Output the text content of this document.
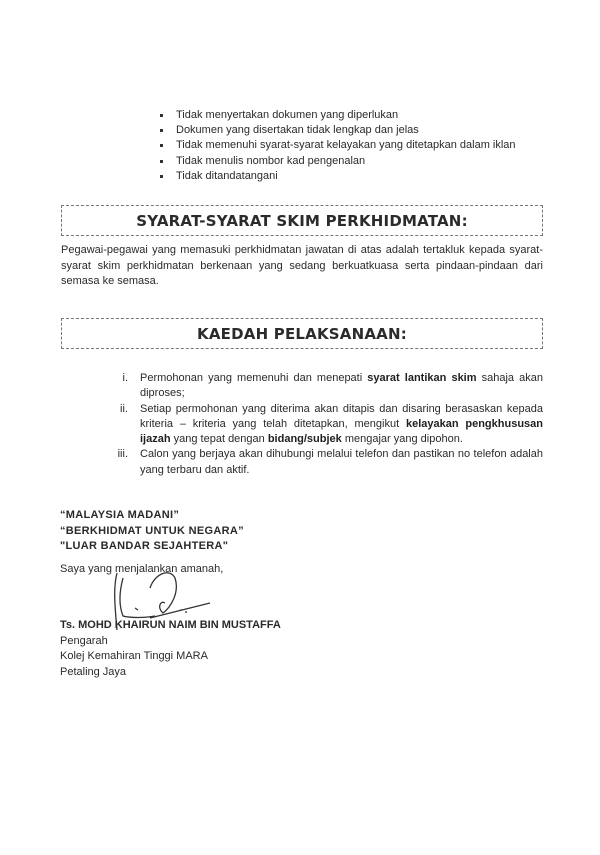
Tidak menyertakan dokumen yang diperlukan
Dokumen yang disertakan tidak lengkap dan jelas
Tidak memenuhi syarat-syarat kelayakan yang ditetapkan dalam iklan
Tidak menulis nombor kad pengenalan
Tidak ditandatangani
SYARAT-SYARAT SKIM PERKHIDMATAN:
Pegawai-pegawai yang memasuki perkhidmatan jawatan di atas adalah tertakluk kepada syarat-syarat skim perkhidmatan berkenaan yang sedang berkuatkuasa serta pindaan-pindaan dari semasa ke semasa.
KAEDAH PELAKSANAAN:
i. Permohonan yang memenuhi dan menepati syarat lantikan skim sahaja akan diproses;
ii. Setiap permohonan yang diterima akan ditapis dan disaring berasaskan kepada kriteria – kriteria yang telah ditetapkan, mengikut kelayakan pengkhususan ijazah yang tepat dengan bidang/subjek mengajar yang dipohon.
iii. Calon yang berjaya akan dihubungi melalui telefon dan pastikan no telefon adalah yang terbaru dan aktif.
“MALAYSIA MADANI”
“BERKHIDMAT UNTUK NEGARA”
"LUAR BANDAR SEJAHTERA"
Saya yang menjalankan amanah,
Ts. MOHD KHAIRUN NAIM BIN MUSTAFFA
Pengarah
Kolej Kemahiran Tinggi MARA
Petaling Jaya
